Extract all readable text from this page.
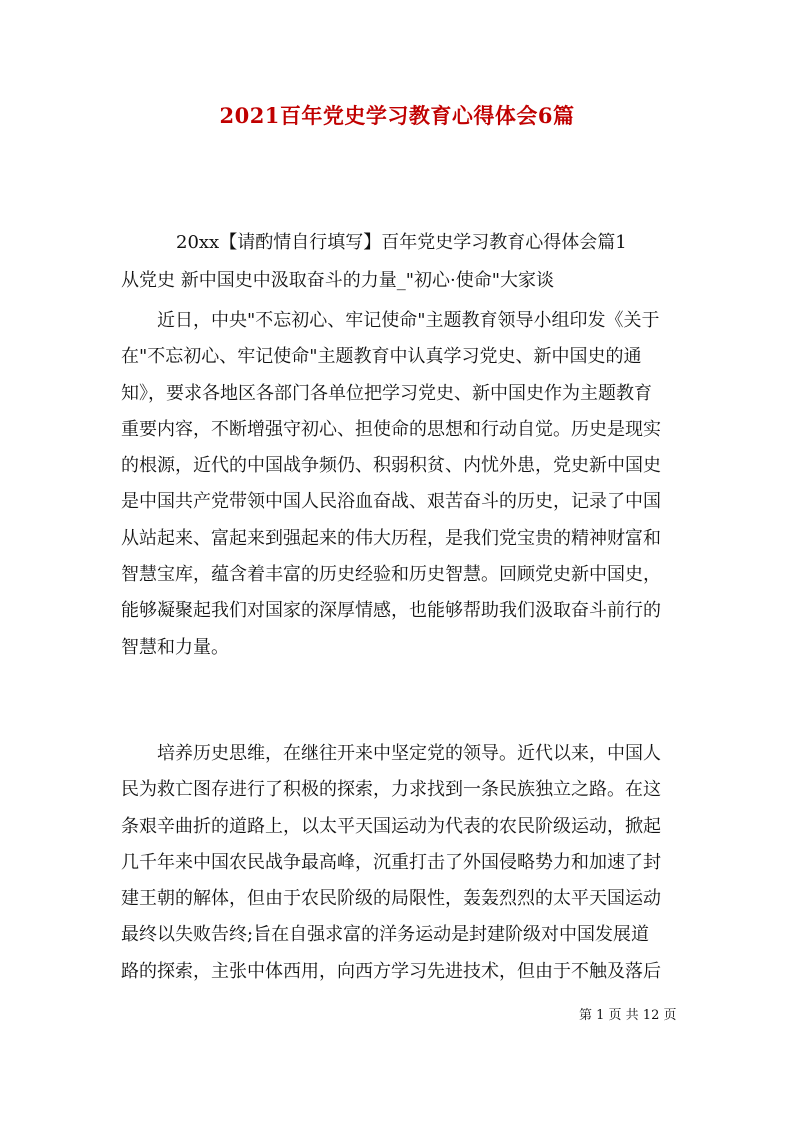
2021百年党史学习教育心得体会6篇
20xx【请酌情自行填写】百年党史学习教育心得体会篇1
从党史 新中国史中汲取奋斗的力量_"初心·使命"大家谈

近日，中央"不忘初心、牢记使命"主题教育领导小组印发《关于
在"不忘初心、牢记使命"主题教育中认真学习党史、新中国史的通
知》，要求各地区各部门各单位把学习党史、新中国史作为主题教育
重要内容，不断增强守初心、担使命的思想和行动自觉。历史是现实
的根源，近代的中国战争频仍、积弱积贫、内忧外患，党史新中国史
是中国共产党带领中国人民浴血奋战、艰苦奋斗的历史，记录了中国
从站起来、富起来到强起来的伟大历程，是我们党宝贵的精神财富和
智慧宝库，蕴含着丰富的历史经验和历史智慧。回顾党史新中国史，
能够凝聚起我们对国家的深厚情感，也能够帮助我们汲取奋斗前行的
智慧和力量。

培养历史思维，在继往开来中坚定党的领导。近代以来，中国人
民为救亡图存进行了积极的探索，力求找到一条民族独立之路。在这
条艰辛曲折的道路上，以太平天国运动为代表的农民阶级运动，掀起
几千年来中国农民战争最高峰，沉重打击了外国侵略势力和加速了封
建王朝的解体，但由于农民阶级的局限性，轰轰烈烈的太平天国运动
最终以失败告终;旨在自强求富的洋务运动是封建阶级对中国发展道
路的探索，主张中体西用，向西方学习先进技术，但由于不触及落后

第 1 页 共 12 页
